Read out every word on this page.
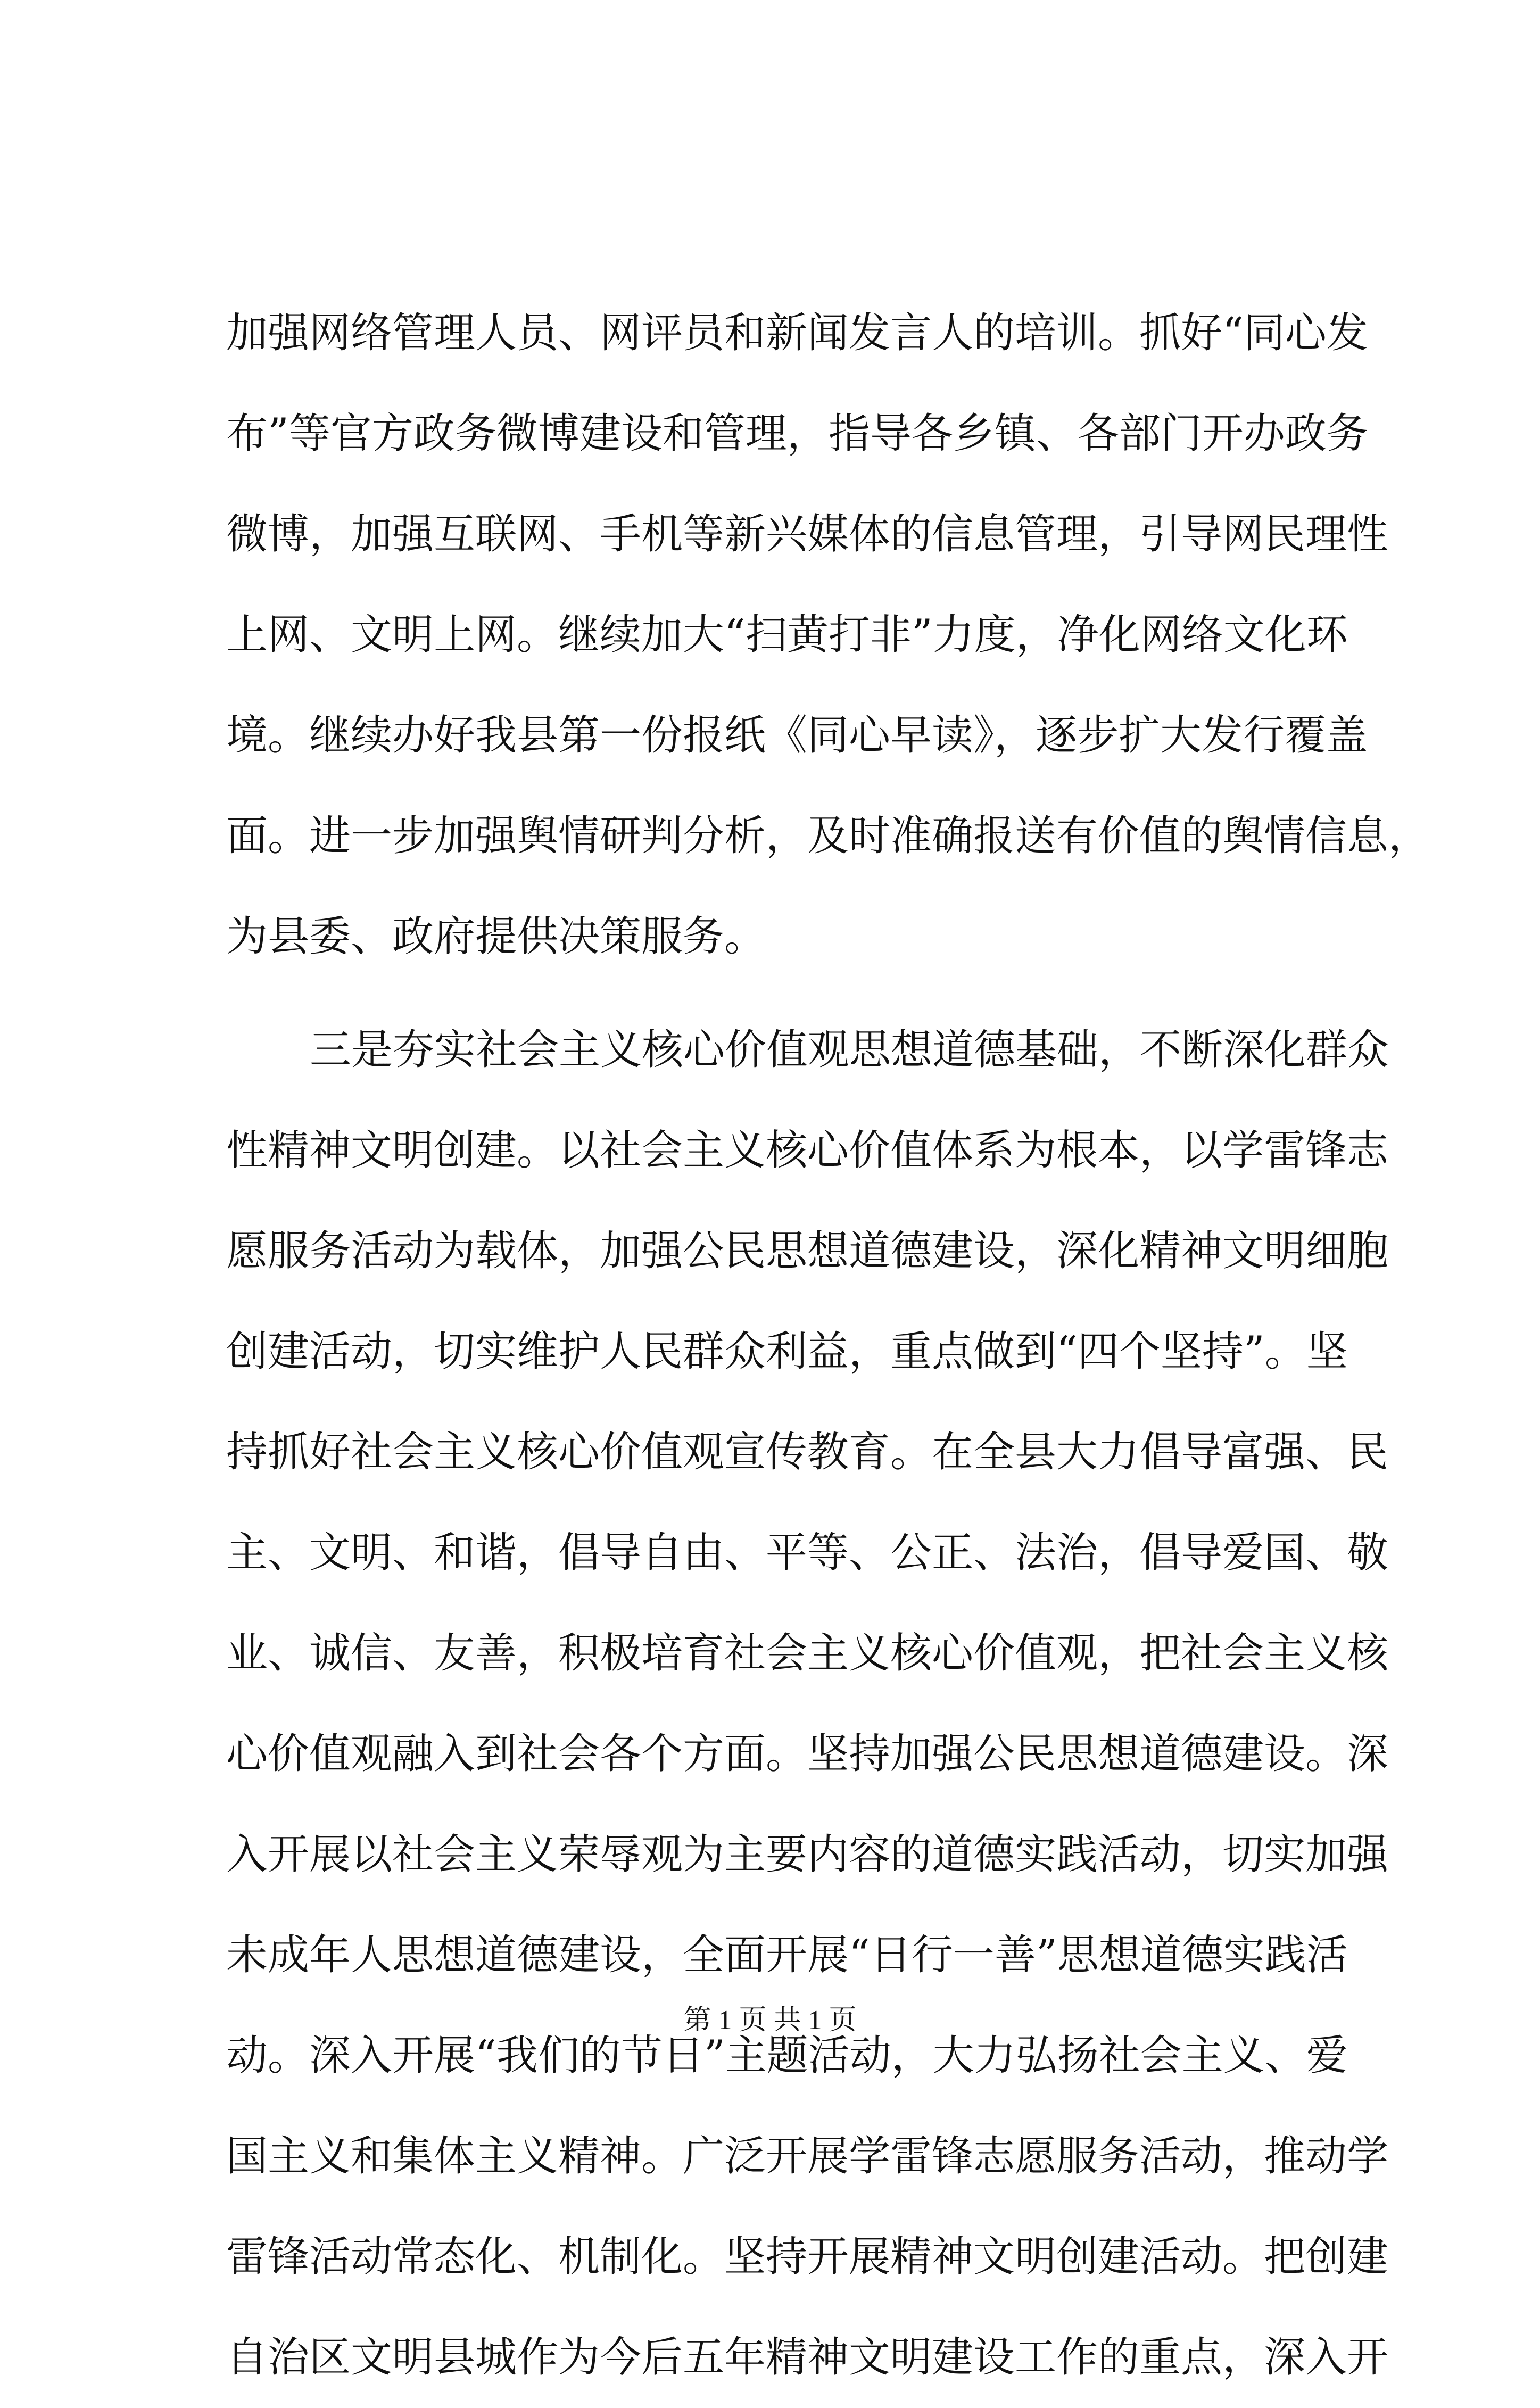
加强网络管理人员、网评员和新闻发言人的培训。抓好“同心发
布”等官方政务微博建设和管理，指导各乡镇、各部门开办政务
微博，加强互联网、手机等新兴媒体的信息管理，引导网民理性
上网、文明上网。继续加大“扫黄打非”力度，净化网络文化环
境。继续办好我县第一份报纸《同心早读》，逐步扩大发行覆盖
面。进一步加强舆情研判分析，及时准确报送有价值的舆情信息，
为县委、政府提供决策服务。
三是夯实社会主义核心价值观思想道德基础，不断深化群众
性精神文明创建。以社会主义核心价值体系为根本，以学雷锋志
愿服务活动为载体，加强公民思想道德建设，深化精神文明细胞
创建活动，切实维护人民群众利益，重点做到“四个坚持”。坚
持抓好社会主义核心价值观宣传教育。在全县大力倡导富强、民
主、文明、和谐，倡导自由、平等、公正、法治，倡导爱国、敬
业、诚信、友善，积极培育社会主义核心价值观，把社会主义核
心价值观融入到社会各个方面。坚持加强公民思想道德建设。深
入开展以社会主义荣辱观为主要内容的道德实践活动，切实加强
未成年人思想道德建设，全面开展“日行一善”思想道德实践活
动。深入开展“我们的节日”主题活动，大力弘扬社会主义、爱
国主义和集体主义精神。广泛开展学雷锋志愿服务活动，推动学
雷锋活动常态化、机制化。坚持开展精神文明创建活动。把创建
自治区文明县城作为今后五年精神文明建设工作的重点，深入开
第 1 页 共 1 页
